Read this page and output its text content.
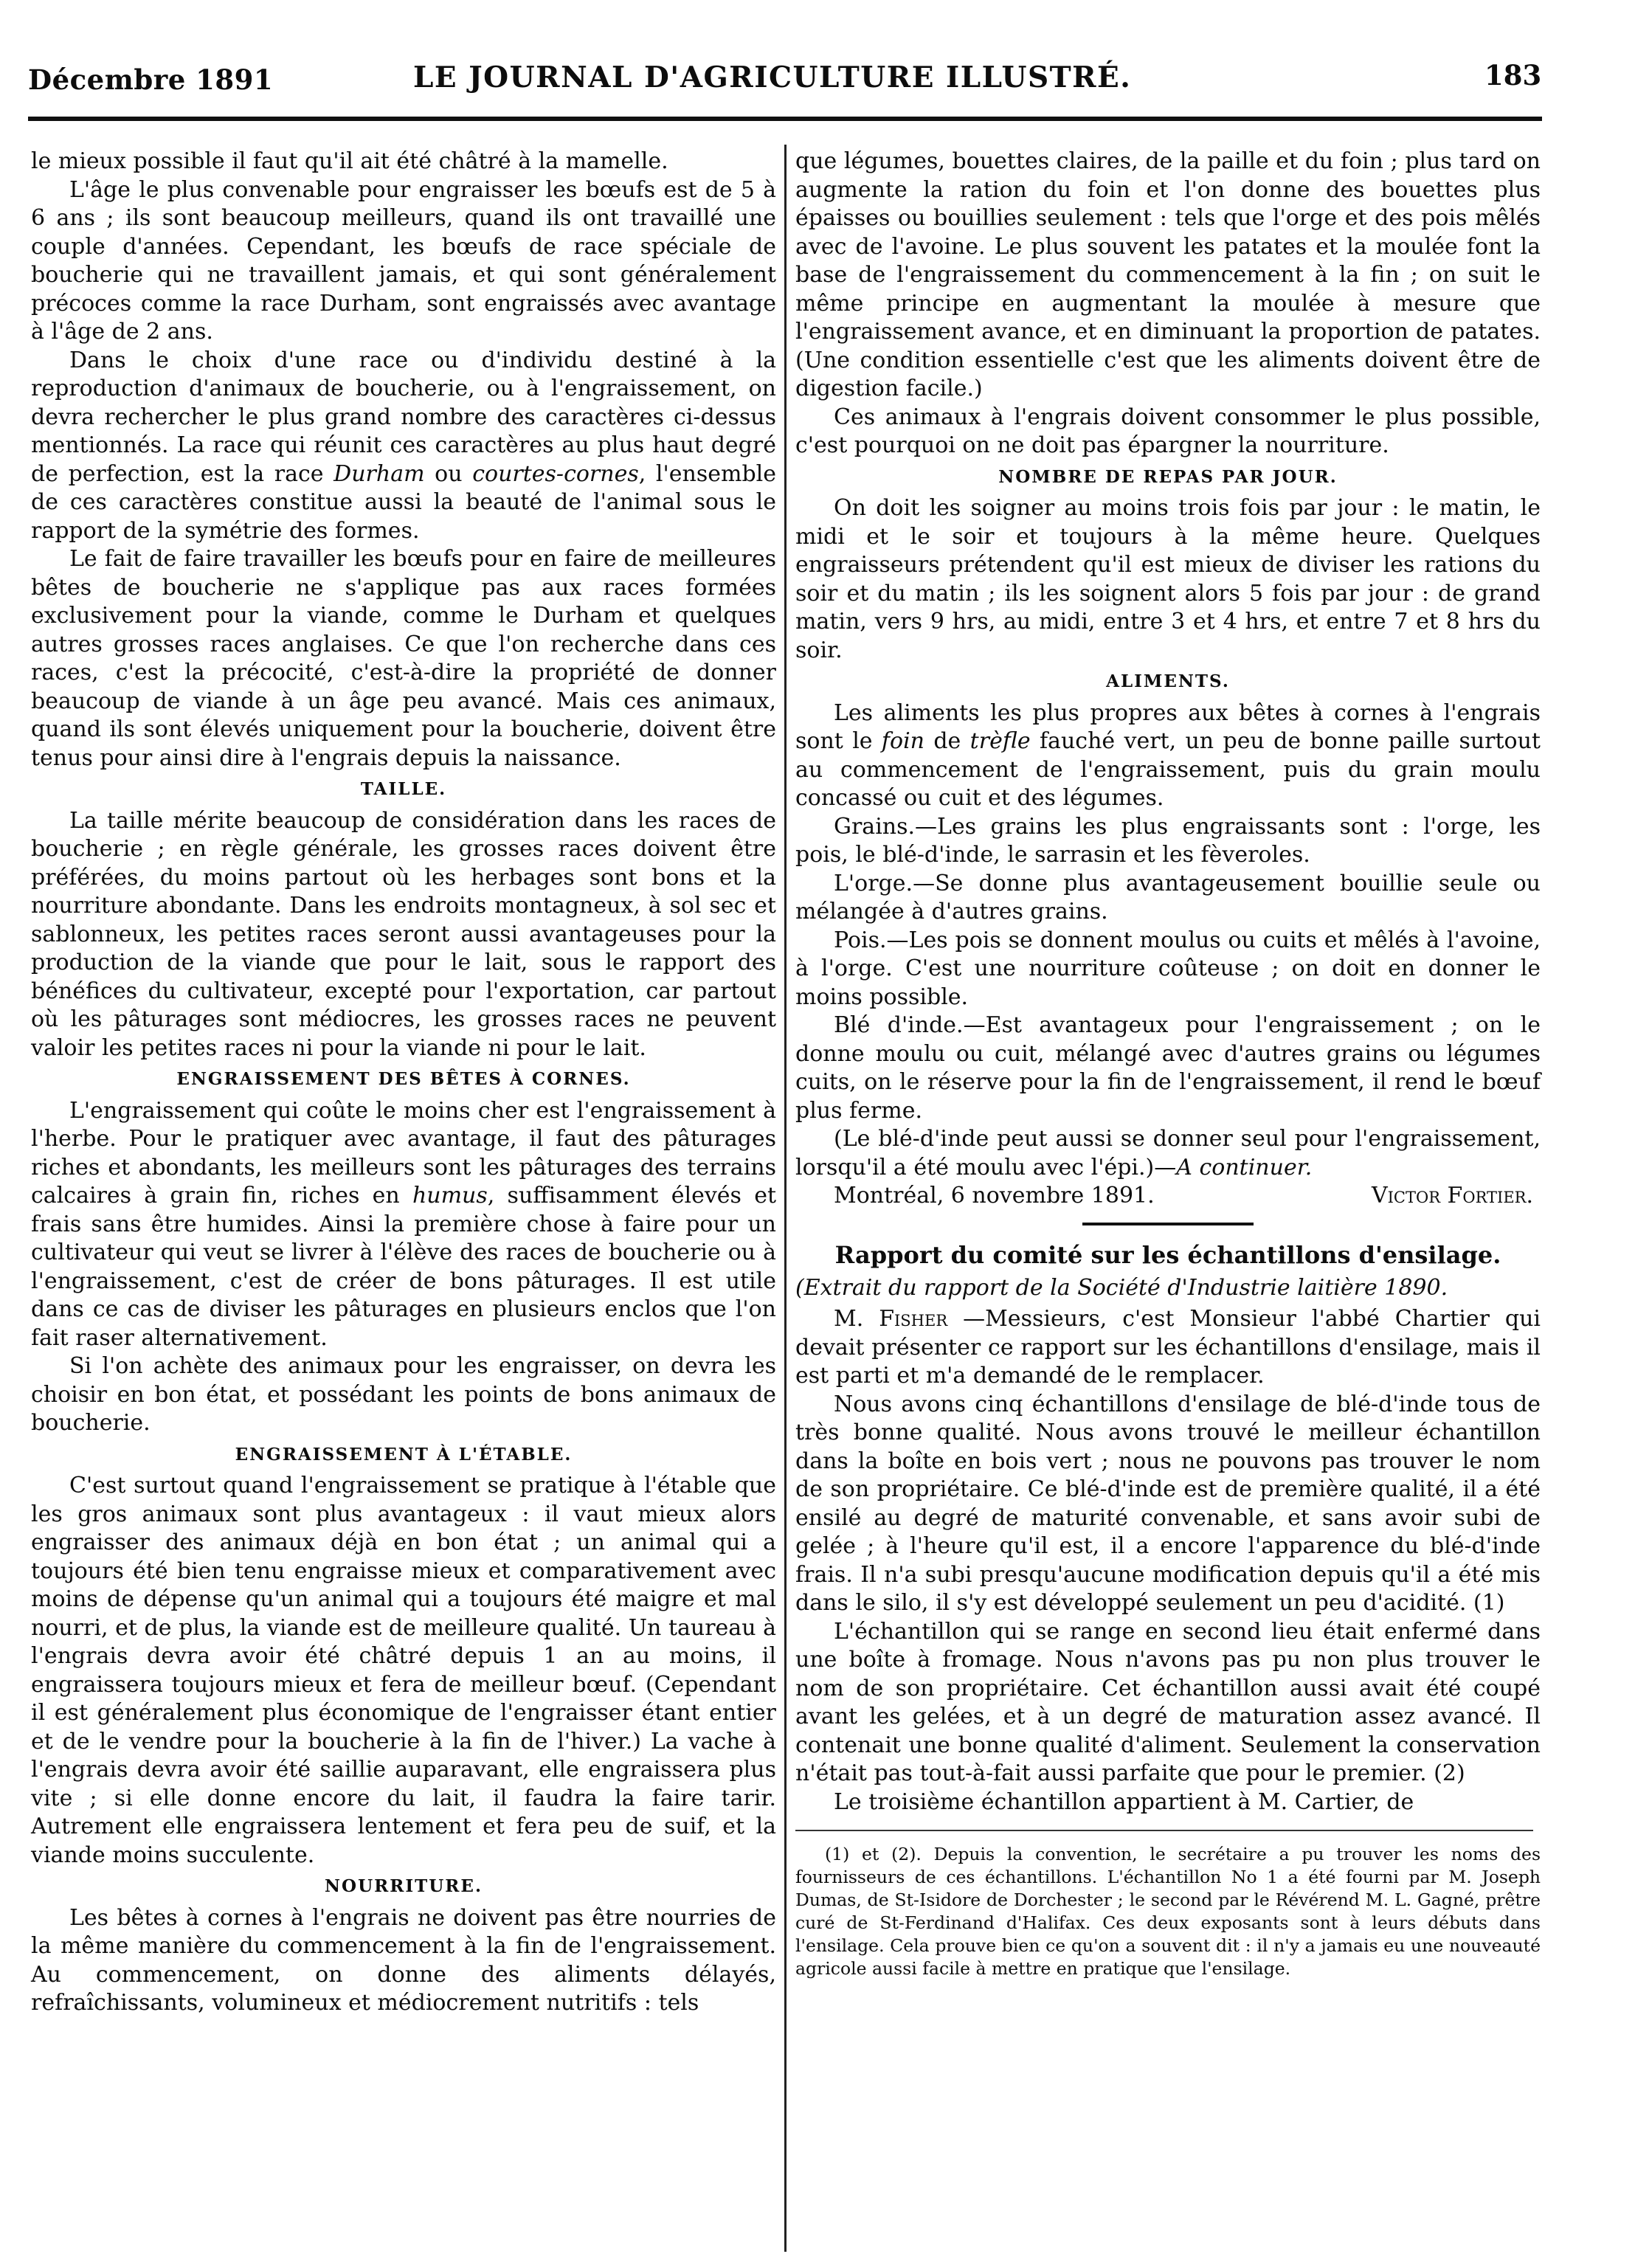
Décembre 1891	LE JOURNAL D'AGRICULTURE ILLUSTRÉ.	183

le mieux possible il faut qu'il ait été châtré à la mamelle.

L'âge le plus convenable pour engraisser les bœufs est de 5 à 6 ans ; ils sont beaucoup meilleurs, quand ils ont travaillé une couple d'années. Cependant, les bœufs de race spéciale de boucherie qui ne travaillent jamais, et qui sont généralement précoces comme la race Durham, sont engraissés avec avantage à l'âge de 2 ans.

Dans le choix d'une race ou d'individu destiné à la reproduction d'animaux de boucherie, ou à l'engraissement, on devra rechercher le plus grand nombre des caractères ci-dessus mentionnés. La race qui réunit ces caractères au plus haut degré de perfection, est la race Durham ou courtes-cornes, l'ensemble de ces caractères constitue aussi la beauté de l'animal sous le rapport de la symétrie des formes.

Le fait de faire travailler les bœufs pour en faire de meilleures bêtes de boucherie ne s'applique pas aux races formées exclusivement pour la viande, comme le Durham et quelques autres grosses races anglaises. Ce que l'on recherche dans ces races, c'est la précocité, c'est-à-dire la propriété de donner beaucoup de viande à un âge peu avancé. Mais ces animaux, quand ils sont élevés uniquement pour la boucherie, doivent être tenus pour ainsi dire à l'engrais depuis la naissance.

TAILLE.

La taille mérite beaucoup de considération dans les races de boucherie ; en règle générale, les grosses races doivent être préférées, du moins partout où les herbages sont bons et la nourriture abondante. Dans les endroits montagneux, à sol sec et sablonneux, les petites races seront aussi avantageuses pour la production de la viande que pour le lait, sous le rapport des bénéfices du cultivateur, excepté pour l'exportation, car partout où les pâturages sont médiocres, les grosses races ne peuvent valoir les petites races ni pour la viande ni pour le lait.

ENGRAISSEMENT DES BÊTES À CORNES.

L'engraissement qui coûte le moins cher est l'engraissement à l'herbe. Pour le pratiquer avec avantage, il faut des pâturages riches et abondants, les meilleurs sont les pâturages des terrains calcaires à grain fin, riches en humus, suffisamment élevés et frais sans être humides. Ainsi la première chose à faire pour un cultivateur qui veut se livrer à l'élève des races de boucherie ou à l'engraissement, c'est de créer de bons pâturages. Il est utile dans ce cas de diviser les pâturages en plusieurs enclos que l'on fait raser alternativement.

Si l'on achète des animaux pour les engraisser, on devra les choisir en bon état, et possédant les points de bons animaux de boucherie.

ENGRAISSEMENT À L'ÉTABLE.

C'est surtout quand l'engraissement se pratique à l'étable que les gros animaux sont plus avantageux : il vaut mieux alors engraisser des animaux déjà en bon état ; un animal qui a toujours été bien tenu engraisse mieux et comparativement avec moins de dépense qu'un animal qui a toujours été maigre et mal nourri, et de plus, la viande est de meilleure qualité. Un taureau à l'engrais devra avoir été châtré depuis 1 an au moins, il engraissera toujours mieux et fera de meilleur bœuf. (Cependant il est généralement plus économique de l'engraisser étant entier et de le vendre pour la boucherie à la fin de l'hiver.) La vache à l'engrais devra avoir été saillie auparavant, elle engraissera plus vite ; si elle donne encore du lait, il faudra la faire tarir. Autrement elle engraissera lentement et fera peu de suif, et la viande moins succulente.

NOURRITURE.

Les bêtes à cornes à l'engrais ne doivent pas être nourries de la même manière du commencement à la fin de l'engraissement. Au commencement, on donne des aliments délayés, refraîchissants, volumineux et médiocrement nutritifs : tels

que légumes, bouettes claires, de la paille et du foin ; plus tard on augmente la ration du foin et l'on donne des bouettes plus épaisses ou bouillies seulement : tels que l'orge et des pois mêlés avec de l'avoine. Le plus souvent les patates et la moulée font la base de l'engraissement du commencement à la fin ; on suit le même principe en augmentant la moulée à mesure que l'engraissement avance, et en diminuant la proportion de patates. (Une condition essentielle c'est que les aliments doivent être de digestion facile.)

Ces animaux à l'engrais doivent consommer le plus possible, c'est pourquoi on ne doit pas épargner la nourriture.

NOMBRE DE REPAS PAR JOUR.

On doit les soigner au moins trois fois par jour : le matin, le midi et le soir et toujours à la même heure. Quelques engraisseurs prétendent qu'il est mieux de diviser les rations du soir et du matin ; ils les soignent alors 5 fois par jour : de grand matin, vers 9 hrs, au midi, entre 3 et 4 hrs, et entre 7 et 8 hrs du soir.

ALIMENTS.

Les aliments les plus propres aux bêtes à cornes à l'engrais sont le foin de trèfle fauché vert, un peu de bonne paille surtout au commencement de l'engraissement, puis du grain moulu concassé ou cuit et des légumes.

Grains.—Les grains les plus engraissants sont : l'orge, les pois, le blé-d'inde, le sarrasin et les fèveroles.

L'orge.—Se donne plus avantageusement bouillie seule ou mélangée à d'autres grains.

Pois.—Les pois se donnent moulus ou cuits et mêlés à l'avoine, à l'orge. C'est une nourriture coûteuse ; on doit en donner le moins possible.

Blé d'inde.—Est avantageux pour l'engraissement ; on le donne moulu ou cuit, mélangé avec d'autres grains ou légumes cuits, on le réserve pour la fin de l'engraissement, il rend le bœuf plus ferme.

(Le blé-d'inde peut aussi se donner seul pour l'engraissement, lorsqu'il a été moulu avec l'épi.)—A continuer.

Montréal, 6 novembre 1891.	Victor Fortier.
Rapport du comité sur les échantillons d'ensilage.

(Extrait du rapport de la Société d'Industrie laitière 1890.

M. Fisher —Messieurs, c'est Monsieur l'abbé Chartier qui devait présenter ce rapport sur les échantillons d'ensilage, mais il est parti et m'a demandé de le remplacer.

Nous avons cinq échantillons d'ensilage de blé-d'inde tous de très bonne qualité. Nous avons trouvé le meilleur échantillon dans la boîte en bois vert ; nous ne pouvons pas trouver le nom de son propriétaire. Ce blé-d'inde est de première qualité, il a été ensilé au degré de maturité convenable, et sans avoir subi de gelée ; à l'heure qu'il est, il a encore l'apparence du blé-d'inde frais. Il n'a subi presqu'aucune modification depuis qu'il a été mis dans le silo, il s'y est développé seulement un peu d'acidité. (1)

L'échantillon qui se range en second lieu était enfermé dans une boîte à fromage. Nous n'avons pas pu non plus trouver le nom de son propriétaire. Cet échantillon aussi avait été coupé avant les gelées, et à un degré de maturation assez avancé. Il contenait une bonne qualité d'aliment. Seulement la conservation n'était pas tout-à-fait aussi parfaite que pour le premier. (2)

Le troisième échantillon appartient à M. Cartier, de

(1) et (2). Depuis la convention, le secrétaire a pu trouver les noms des fournisseurs de ces échantillons. L'échantillon No 1 a été fourni par M. Joseph Dumas, de St-Isidore de Dorchester ; le second par le Révérend M. L. Gagné, prêtre curé de St-Ferdinand d'Halifax. Ces deux exposants sont à leurs débuts dans l'ensilage. Cela prouve bien ce qu'on a souvent dit : il n'y a jamais eu une nouveauté agricole aussi facile à mettre en pratique que l'ensilage.
